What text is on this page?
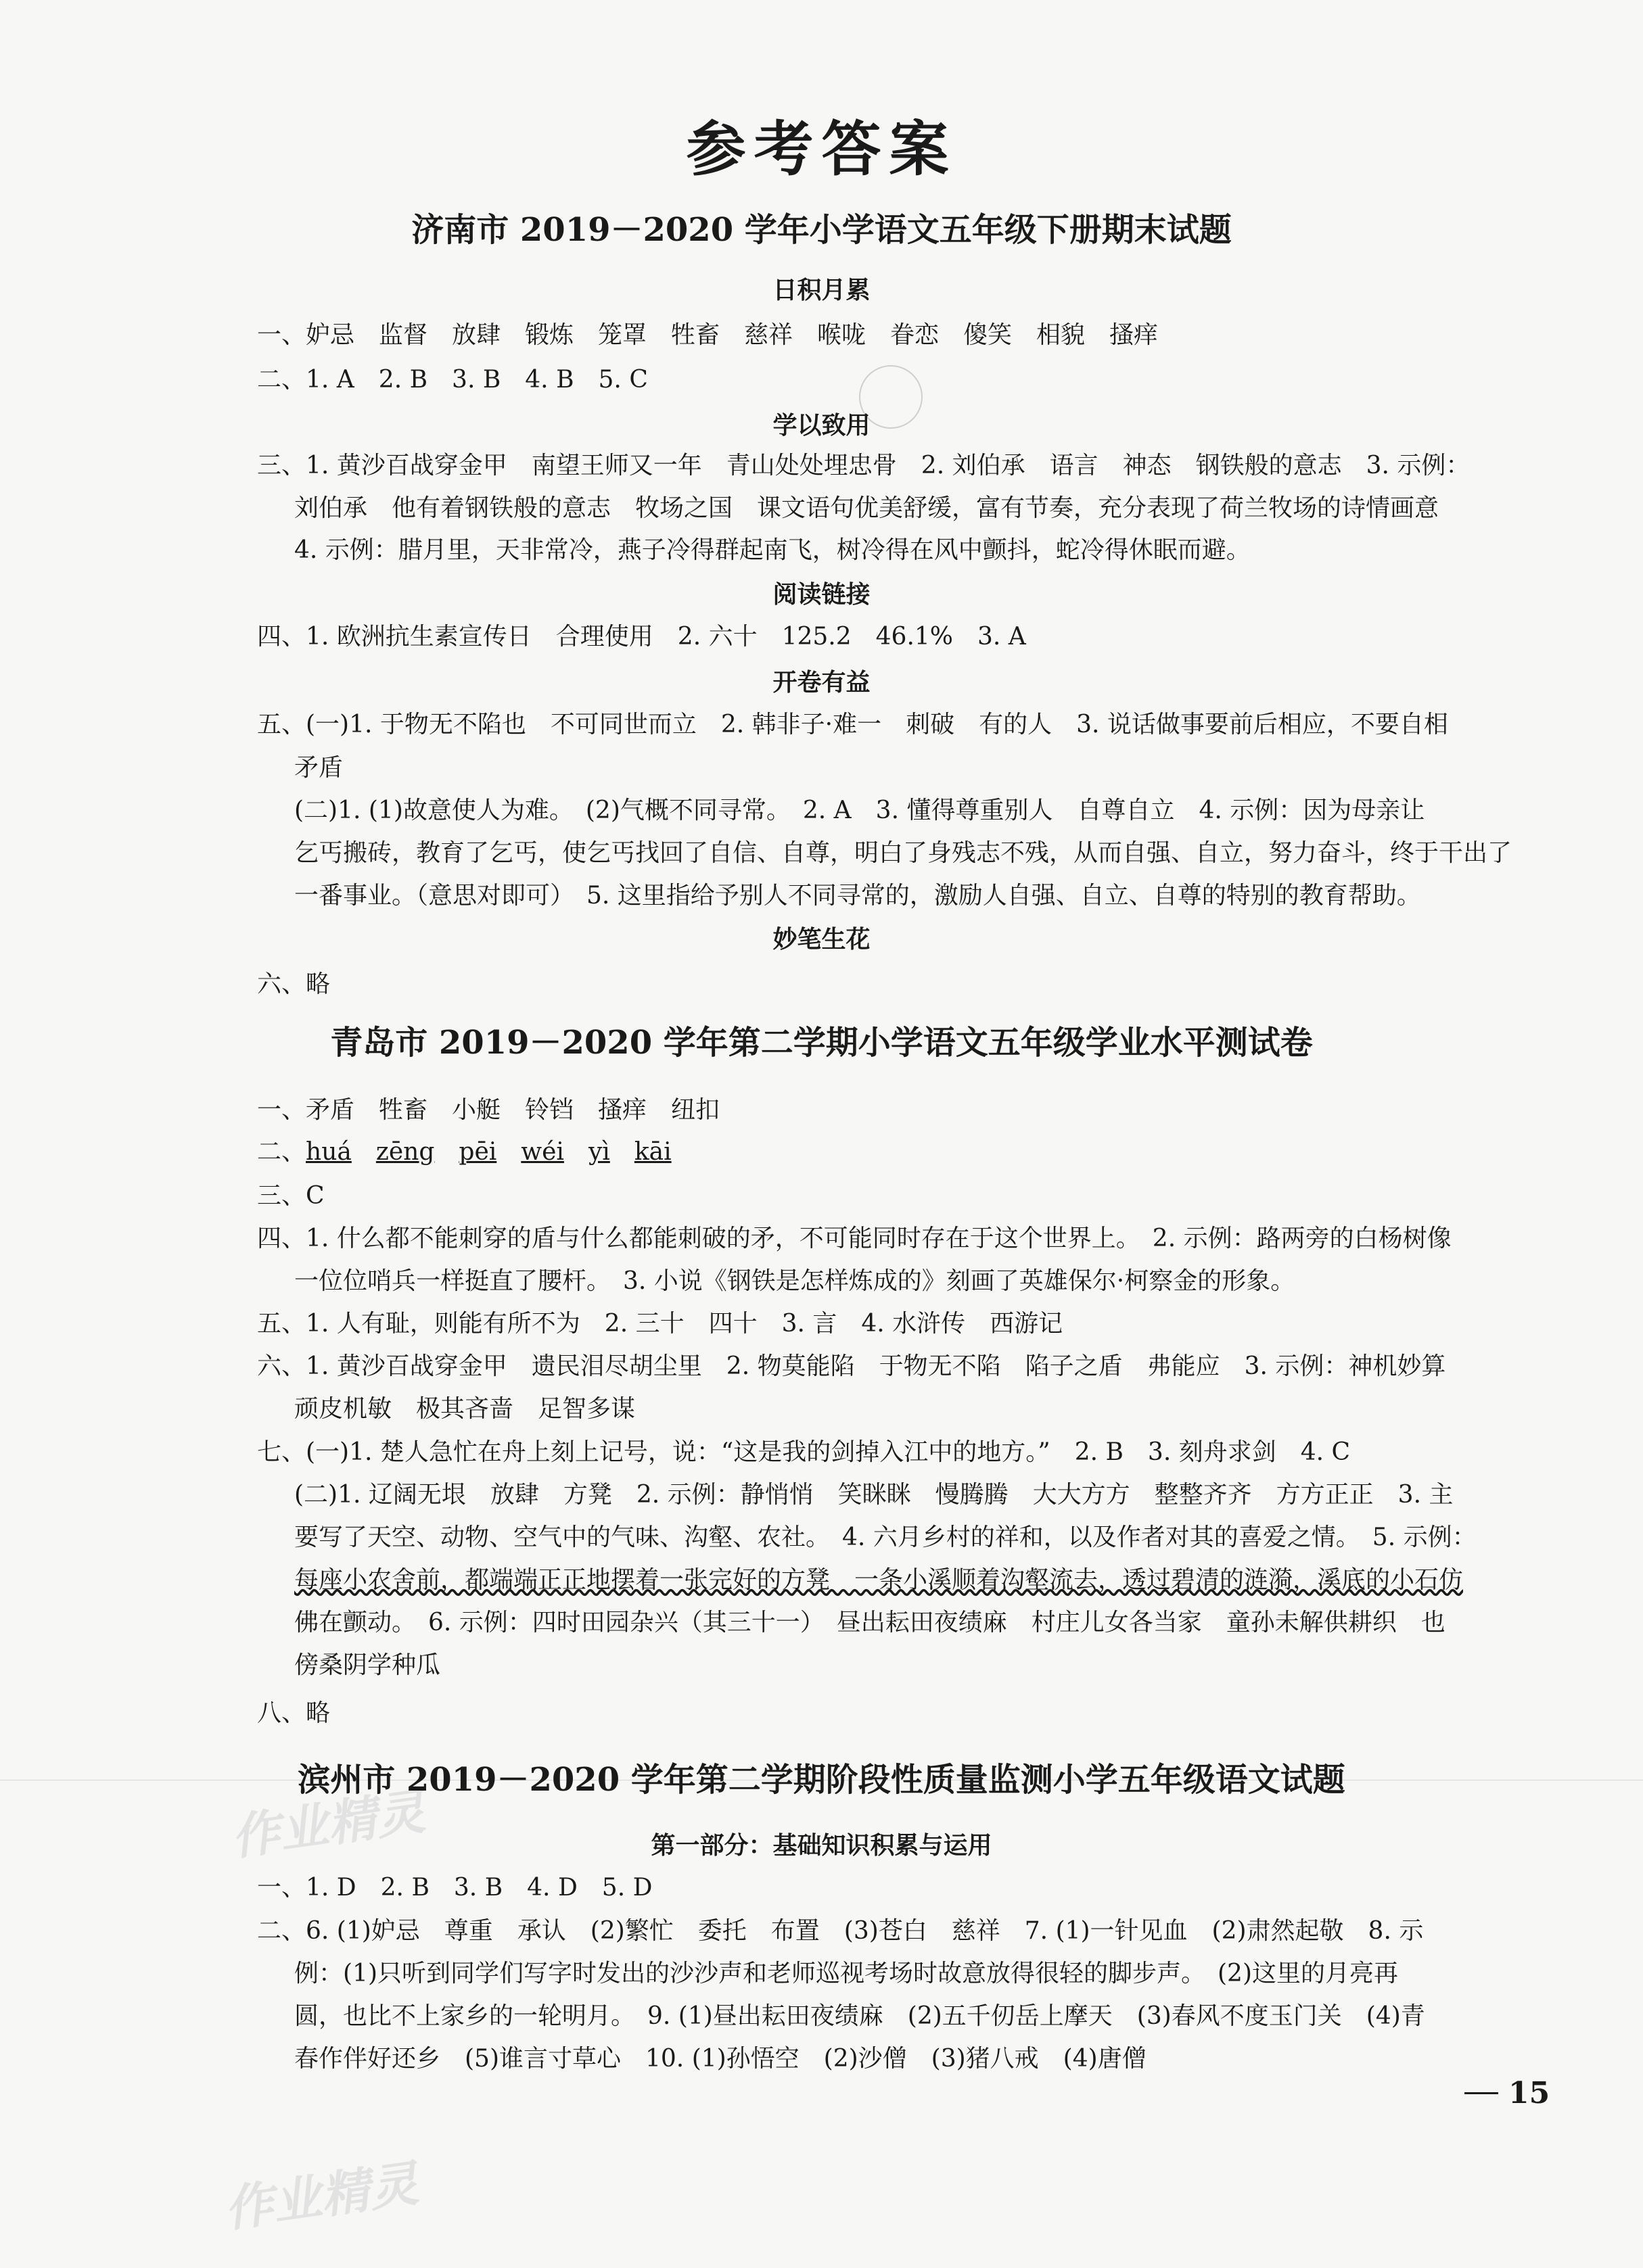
参考答案
济南市 2019－2020 学年小学语文五年级下册期末试题
日积月累
一、妒忌　监督　放肆　锻炼　笼罩　牲畜　慈祥　喉咙　眷恋　傻笑　相貌　搔痒
二、1. A　2. B　3. B　4. B　5. C
学以致用
三、1. 黄沙百战穿金甲　南望王师又一年　青山处处埋忠骨　2. 刘伯承　语言　神态　钢铁般的意志　3. 示例：
刘伯承　他有着钢铁般的意志　牧场之国　课文语句优美舒缓，富有节奏，充分表现了荷兰牧场的诗情画意
4. 示例：腊月里，天非常冷，燕子冷得群起南飞，树冷得在风中颤抖，蛇冷得休眠而避。
阅读链接
四、1. 欧洲抗生素宣传日　合理使用　2. 六十　125.2　46.1%　3. A
开卷有益
五、(一)1. 于物无不陷也　不可同世而立　2. 韩非子·难一　刺破　有的人　3. 说话做事要前后相应，不要自相
矛盾
(二)1. (1)故意使人为难。　(2)气概不同寻常。　2. A　3. 懂得尊重别人　自尊自立　4. 示例：因为母亲让
乞丐搬砖，教育了乞丐，使乞丐找回了自信、自尊，明白了身残志不残，从而自强、自立，努力奋斗，终于干出了
一番事业。（意思对即可）　5. 这里指给予别人不同寻常的，激励人自强、自立、自尊的特别的教育帮助。
妙笔生花
六、略
青岛市 2019－2020 学年第二学期小学语文五年级学业水平测试卷
一、矛盾　牲畜　小艇　铃铛　搔痒　纽扣
二、huá　 zēng　 pēi　 wéi　 yì　 kāi
三、C
四、1. 什么都不能刺穿的盾与什么都能刺破的矛，不可能同时存在于这个世界上。　2. 示例：路两旁的白杨树像
一位位哨兵一样挺直了腰杆。　3. 小说《钢铁是怎样炼成的》刻画了英雄保尔·柯察金的形象。
五、1. 人有耻，则能有所不为　2. 三十　四十　3. 言　4. 水浒传　西游记
六、1. 黄沙百战穿金甲　遗民泪尽胡尘里　2. 物莫能陷　于物无不陷　陷子之盾　弗能应　3. 示例：神机妙算
顽皮机敏　极其吝啬　足智多谋
七、(一)1. 楚人急忙在舟上刻上记号，说：“这是我的剑掉入江中的地方。”　2. B　3. 刻舟求剑　4. C
(二)1. 辽阔无垠　放肆　方凳　2. 示例：静悄悄　笑眯眯　慢腾腾　大大方方　整整齐齐　方方正正　3. 主
要写了天空、动物、空气中的气味、沟壑、农社。　4. 六月乡村的祥和，以及作者对其的喜爱之情。　5. 示例：
每座小农舍前，都端端正正地摆着一张完好的方凳　一条小溪顺着沟壑流去，透过碧清的涟漪，溪底的小石仿
佛在颤动。　6. 示例：四时田园杂兴（其三十一）　昼出耘田夜绩麻　村庄儿女各当家　童孙未解供耕织　也
傍桑阴学种瓜
八、略
作业精灵
滨州市 2019－2020 学年第二学期阶段性质量监测小学五年级语文试题
第一部分：基础知识积累与运用
一、1. D　2. B　3. B　4. D　5. D
二、6. (1)妒忌　尊重　承认　(2)繁忙　委托　布置　(3)苍白　慈祥　7. (1)一针见血　(2)肃然起敬　8. 示
例：(1)只听到同学们写字时发出的沙沙声和老师巡视考场时故意放得很轻的脚步声。　(2)这里的月亮再
圆，也比不上家乡的一轮明月。　9. (1)昼出耘田夜绩麻　(2)五千仞岳上摩天　(3)春风不度玉门关　(4)青
春作伴好还乡　(5)谁言寸草心　10. (1)孙悟空　(2)沙僧　(3)猪八戒　(4)唐僧
15
作业精灵
